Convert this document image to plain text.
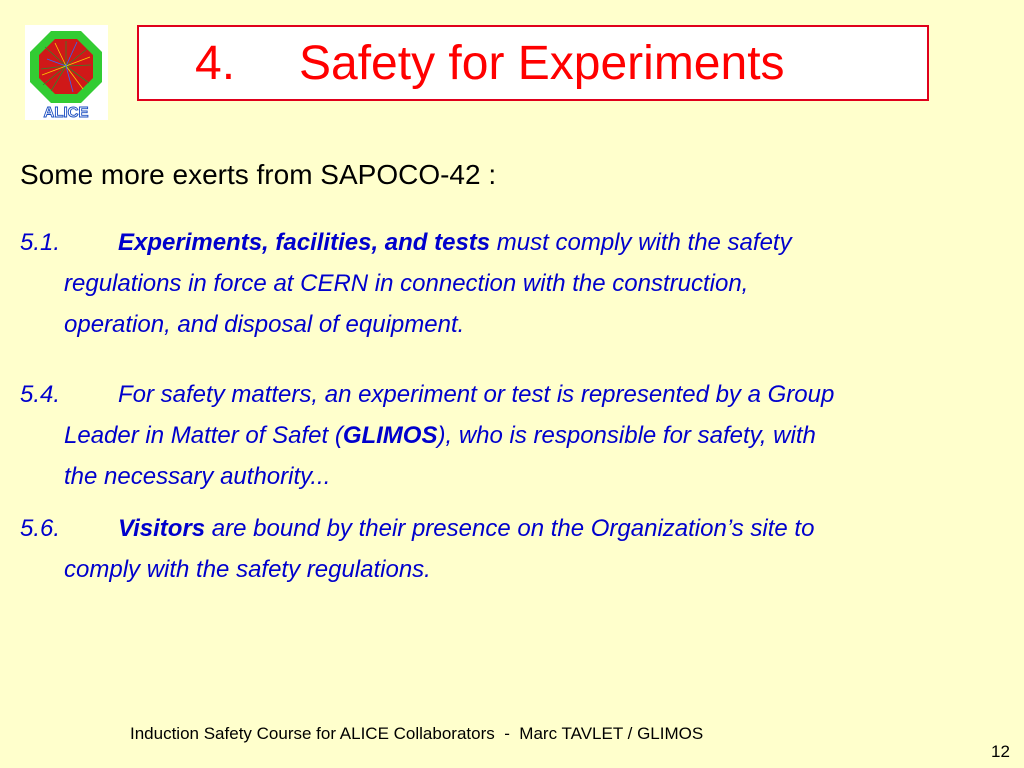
ALICE
4. Safety for Experiments
Some more exerts from SAPOCO-42 :
5.1. Experiments, facilities, and tests must comply with the safety
regulations in force at CERN in connection with the construction,
operation, and disposal of equipment.
5.4. For safety matters, an experiment or test is represented by a Group
Leader in Matter of Safet (GLIMOS), who is responsible for safety, with
the necessary authority...
5.6. Visitors are bound by their presence on the Organization’s site to
comply with the safety regulations.
Induction Safety Course for ALICE Collaborators  -  Marc TAVLET / GLIMOS
12
